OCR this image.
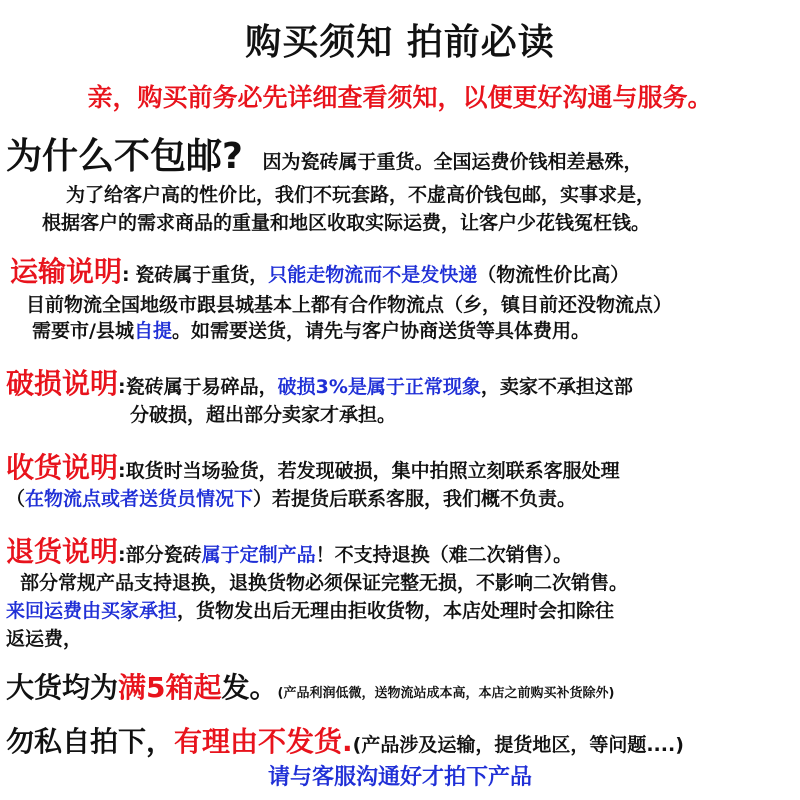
购买须知 拍前必读
亲，购买前务必先详细查看须知，以便更好沟通与服务。
为什么不包邮? 因为瓷砖属于重货。全国运费价钱相差悬殊，
为了给客户高的性价比，我们不玩套路，不虚高价钱包邮，实事求是，
根据客户的需求商品的重量和地区收取实际运费，让客户少花钱冤枉钱。
运输说明: 瓷砖属于重货，只能走物流而不是发快递（物流性价比高）
目前物流全国地级市跟县城基本上都有合作物流点（乡，镇目前还没物流点）
需要市/县城自提。如需要送货，请先与客户协商送货等具体费用。
破损说明:瓷砖属于易碎品，破损3%是属于正常现象，卖家不承担这部
分破损，超出部分卖家才承担。
收货说明:取货时当场验货，若发现破损，集中拍照立刻联系客服处理
（在物流点或者送货员情况下）若提货后联系客服，我们概不负责。
退货说明:部分瓷砖属于定制产品！不支持退换（难二次销售）。
部分常规产品支持退换，退换货物必须保证完整无损，不影响二次销售。
来回运费由买家承担，货物发出后无理由拒收货物，本店处理时会扣除往
返运费，
大货均为满5箱起发。(产品利润低微，送物流站成本高，本店之前购买补货除外)
勿私自拍下，有理由不发货.(产品涉及运输，提货地区，等问题....)
请与客服沟通好才拍下产品
